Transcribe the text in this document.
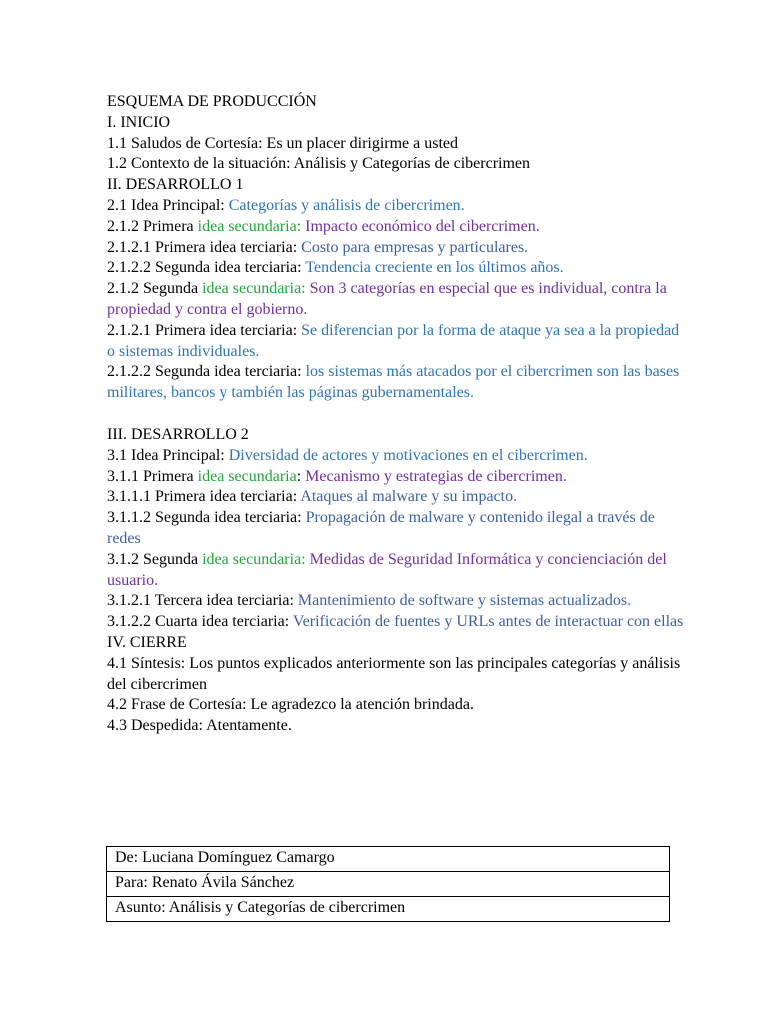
ESQUEMA DE PRODUCCIÓN
I. INICIO
1.1 Saludos de Cortesía: Es un placer dirigirme a usted
1.2 Contexto de la situación: Análisis y Categorías de cibercrimen
II. DESARROLLO 1
2.1 Idea Principal: Categorías y análisis de cibercrimen.
2.1.2 Primera idea secundaria: Impacto económico del cibercrimen.
2.1.2.1 Primera idea terciaria: Costo para empresas y particulares.
2.1.2.2 Segunda idea terciaria: Tendencia creciente en los últimos años.
2.1.2 Segunda idea secundaria: Son 3 categorías en especial que es individual, contra la propiedad y contra el gobierno.
2.1.2.1 Primera idea terciaria: Se diferencian por la forma de ataque ya sea a la propiedad o sistemas individuales.
2.1.2.2 Segunda idea terciaria: los sistemas más atacados por el cibercrimen son las bases militares, bancos y también las páginas gubernamentales.
III. DESARROLLO 2
3.1 Idea Principal: Diversidad de actores y motivaciones en el cibercrimen.
3.1.1 Primera idea secundaria: Mecanismo y estrategias de cibercrimen.
3.1.1.1 Primera idea terciaria: Ataques al malware y su impacto.
3.1.1.2 Segunda idea terciaria: Propagación de malware y contenido ilegal a través de redes
3.1.2 Segunda idea secundaria: Medidas de Seguridad Informática y concienciación del usuario.
3.1.2.1 Tercera idea terciaria: Mantenimiento de software y sistemas actualizados.
3.1.2.2 Cuarta idea terciaria: Verificación de fuentes y URLs antes de interactuar con ellas
IV. CIERRE
4.1 Síntesis: Los puntos explicados anteriormente son las principales categorías y análisis del cibercrimen
4.2 Frase de Cortesía: Le agradezco la atención brindada.
4.3 Despedida: Atentamente.
De: Luciana Domínguez Camargo
Para: Renato Ávila Sánchez
Asunto: Análisis y Categorías de cibercrimen
